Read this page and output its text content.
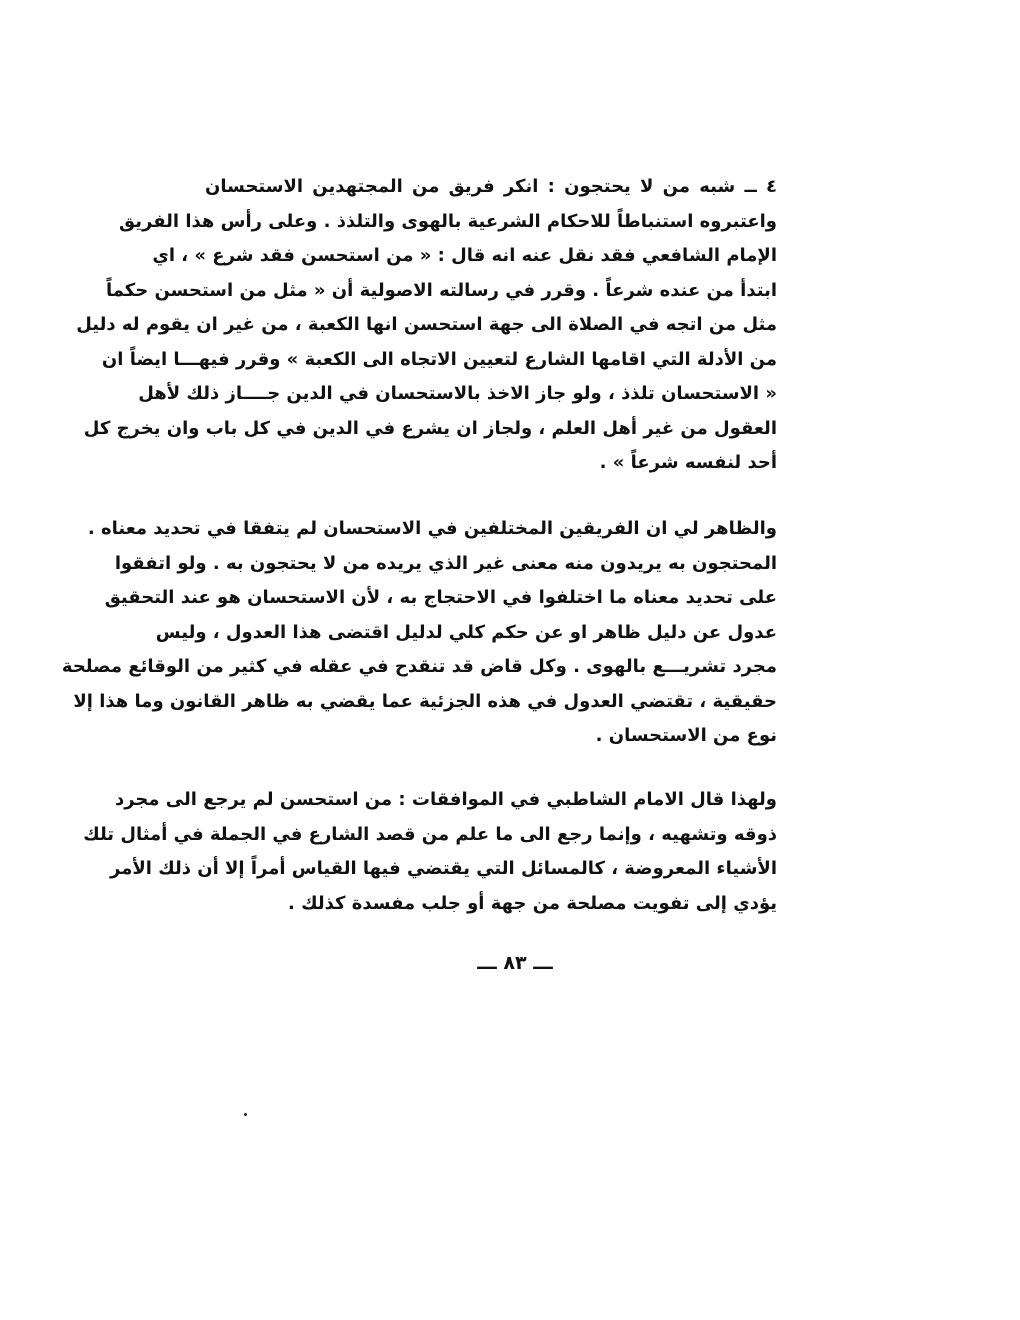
٤ ــ شبه من لا يحتجون : انكر فريق من المجتهدين الاستحسان
واعتبروه استنباطاً للاحكام الشرعية بالهوى والتلذذ . وعلى رأس هذا الفريق
الإمام الشافعي فقد نقل عنه انه قال : « من استحسن فقد شرع » ، اي
ابتدأ من عنده شرعاً . وقرر في رسالته الاصولية أن « مثل من استحسن حكماً
مثل من اتجه في الصلاة الى جهة استحسن انها الكعبة ، من غير ان يقوم له دليل
من الأدلة التي اقامها الشارع لتعيين الاتجاه الى الكعبة » وقرر فيهـــا ايضاً ان
« الاستحسان تلذذ ، ولو جاز الاخذ بالاستحسان في الدين جــــاز ذلك لأهل
العقول من غير أهل العلم ، ولجاز ان يشرع في الدين في كل باب وان يخرج كل
أحد لنفسه شرعاً » .
والظاهر لي ان الفريقين المختلفين في الاستحسان لم يتفقا في تحديد معناه .
المحتجون به يريدون منه معنى غير الذي يريده من لا يحتجون به . ولو اتفقوا
على تحديد معناه ما اختلفوا في الاحتجاج به ، لأن الاستحسان هو عند التحقيق
عدول عن دليل ظاهر او عن حكم كلي لدليل اقتضى هذا العدول ، وليس
مجرد تشريـــع بالهوى . وكل قاض قد تنقدح في عقله في كثير من الوقائع مصلحة
حقيقية ، تقتضي العدول في هذه الجزئية عما يقضي به ظاهر القانون وما هذا إلا
نوع من الاستحسان .
ولهذا قال الامام الشاطبي في الموافقات : من استحسن لم يرجع الى مجرد
ذوقه وتشهيه ، وإنما رجع الى ما علم من قصد الشارع في الجملة في أمثال تلك
الأشياء المعروضة ، كالمسائل التي يقتضي فيها القياس أمراً إلا أن ذلك الأمر
يؤدي إلى تفويت مصلحة من جهة أو جلب مفسدة كذلك .
ـــ ٨٣ ـــ
